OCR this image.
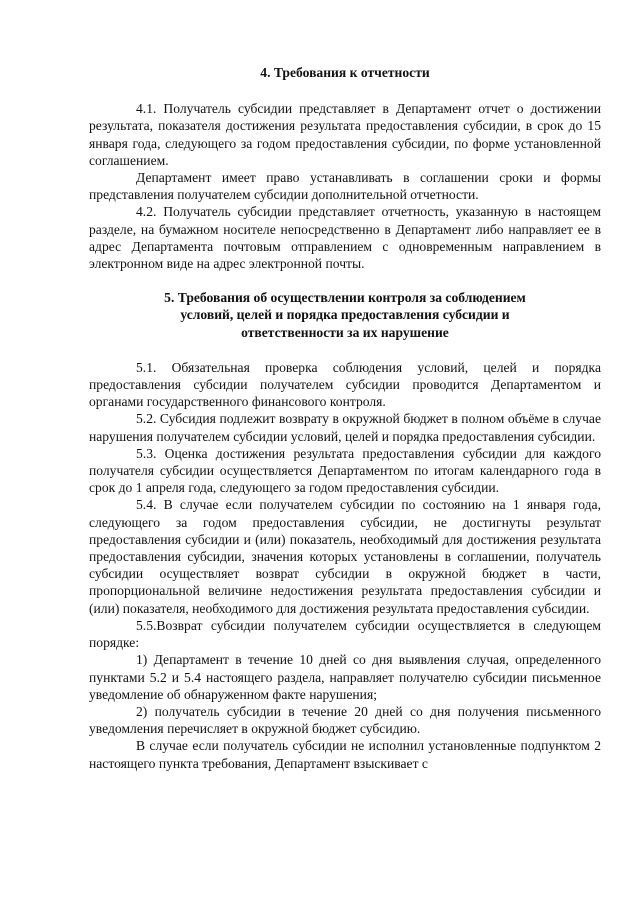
4. Требования к отчетности

4.1. Получатель субсидии представляет в Департамент отчет о достижении результата, показателя достижения результата предоставления субсидии, в срок до 15 января года, следующего за годом предоставления субсидии, по форме установленной соглашением.

Департамент имеет право устанавливать в соглашении сроки и формы представления получателем субсидии дополнительной отчетности.

4.2. Получатель субсидии представляет отчетность, указанную в настоящем разделе, на бумажном носителе непосредственно в Департамент либо направляет ее в адрес Департамента почтовым отправлением с одновременным направлением в электронном виде на адрес электронной почты.

5. Требования об осуществлении контроля за соблюдением
условий, целей и порядка предоставления субсидии и
ответственности за их нарушение

5.1. Обязательная проверка соблюдения условий, целей и порядка предоставления субсидии получателем субсидии проводится Департаментом и органами государственного финансового контроля.

5.2. Субсидия подлежит возврату в окружной бюджет в полном объёме в случае нарушения получателем субсидии условий, целей и порядка предоставления субсидии.

5.3. Оценка достижения результата предоставления субсидии для каждого получателя субсидии осуществляется Департаментом по итогам календарного года в срок до 1 апреля года, следующего за годом предоставления субсидии.

5.4. В случае если получателем субсидии по состоянию на 1 января года, следующего за годом предоставления субсидии, не достигнуты результат предоставления субсидии и (или) показатель, необходимый для достижения результата предоставления субсидии, значения которых установлены в соглашении, получатель субсидии осуществляет возврат субсидии в окружной бюджет в части, пропорциональной величине недостижения результата предоставления субсидии и (или) показателя, необходимого для достижения результата предоставления субсидии.

5.5.Возврат субсидии получателем субсидии осуществляется в следующем порядке:

1) Департамент в течение 10 дней со дня выявления случая, определенного пунктами 5.2 и 5.4 настоящего раздела, направляет получателю субсидии письменное уведомление об обнаруженном факте нарушения;

2) получатель субсидии в течение 20 дней со дня получения письменного уведомления перечисляет в окружной бюджет субсидию.

В случае если получатель субсидии не исполнил установленные подпунктом 2 настоящего пункта требования, Департамент взыскивает с
